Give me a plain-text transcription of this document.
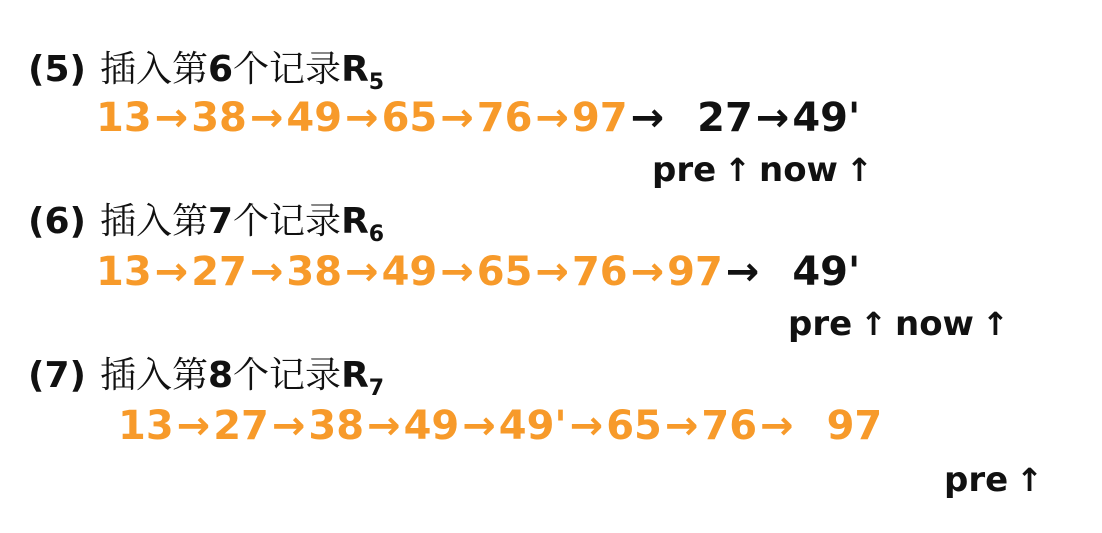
(5) 插入第6个记录$R_5$
13→38→49→65→76→97→ 27→49'
pre ↑ now ↑
(6) 插入第7个记录$R_6$
13→27→38→49→65→76→97→ 49'
pre ↑ now ↑
(7) 插入第8个记录$R_7$
13→27→38→49→49'→65→76→ 97
pre ↑
